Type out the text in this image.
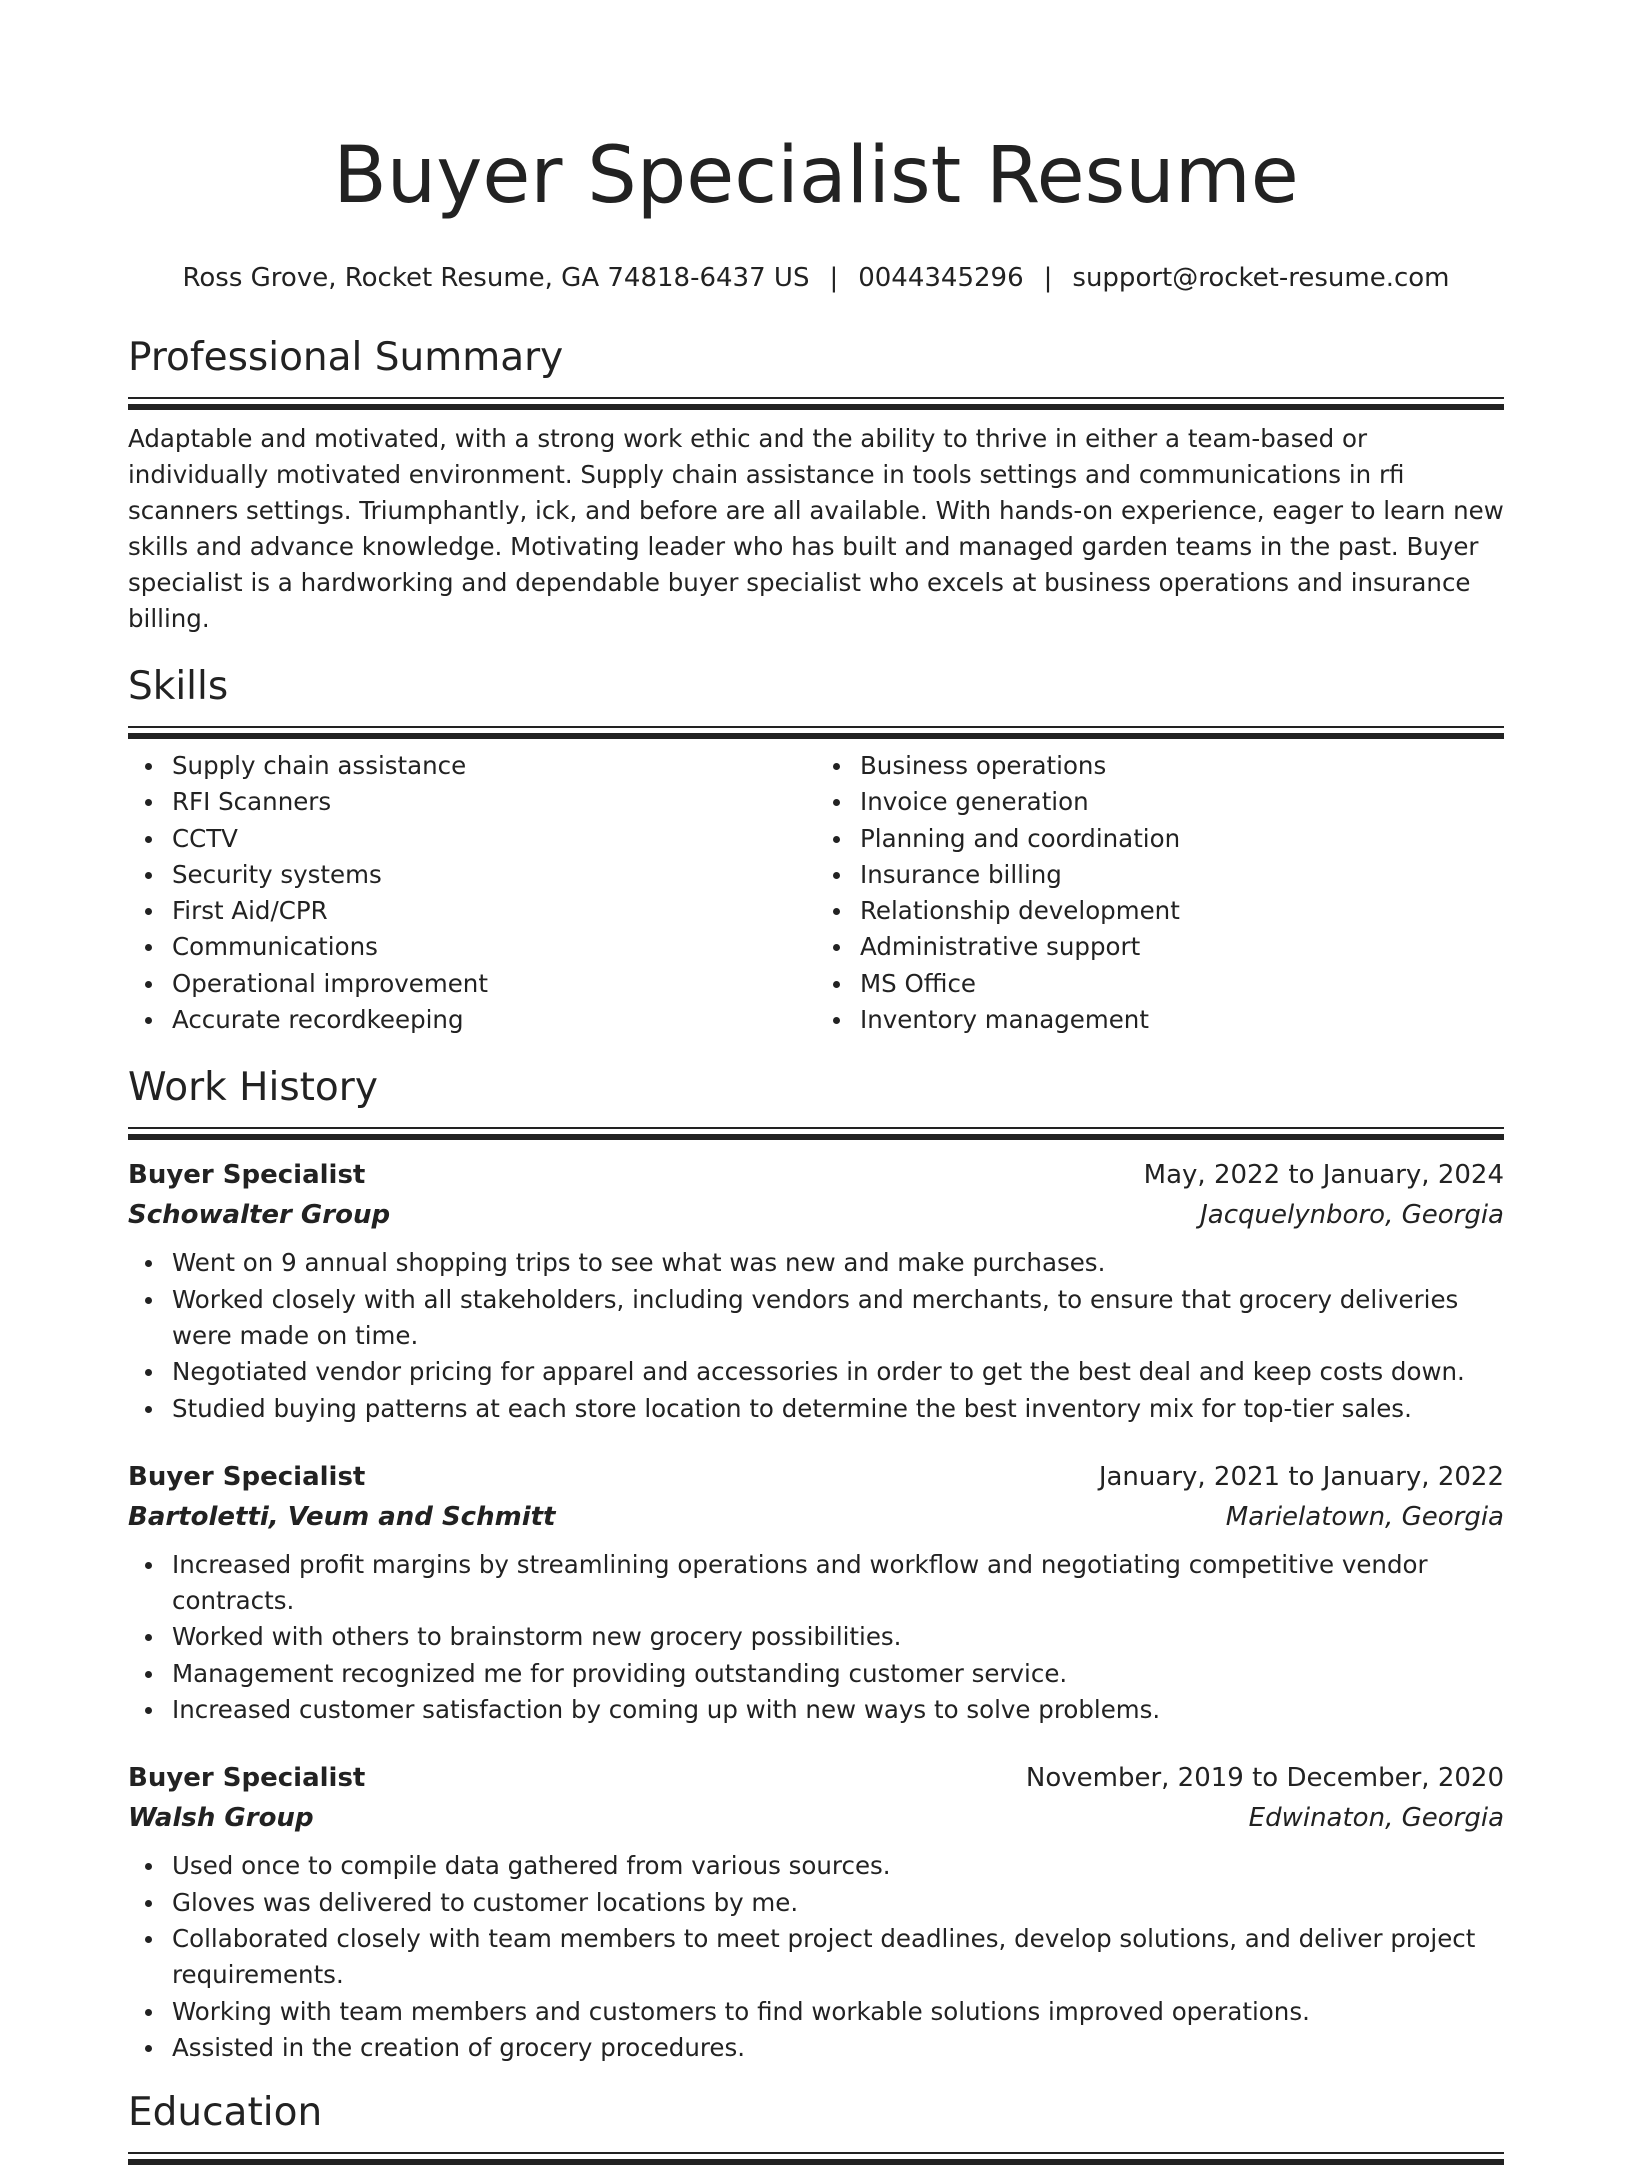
Buyer Specialist Resume
Ross Grove, Rocket Resume, GA 74818-6437 US | 0044345296 | support@rocket-resume.com
Professional Summary

Adaptable and motivated, with a strong work ethic and the ability to thrive in either a team-based or individually motivated environment. Supply chain assistance in tools settings and communications in rfi scanners settings. Triumphantly, ick, and before are all available. With hands-on experience, eager to learn new skills and advance knowledge. Motivating leader who has built and managed garden teams in the past. Buyer specialist is a hardworking and dependable buyer specialist who excels at business operations and insurance billing.

Skills
Supply chain assistance
RFI Scanners
CCTV
Security systems
First Aid/CPR
Communications
Operational improvement
Accurate recordkeeping
Business operations
Invoice generation
Planning and coordination
Insurance billing
Relationship development
Administrative support
MS Office
Inventory management
Work History
Buyer Specialist	May, 2022 to January, 2024
Schowalter Group	Jacquelynboro, Georgia
Went on 9 annual shopping trips to see what was new and make purchases.
Worked closely with all stakeholders, including vendors and merchants, to ensure that grocery deliveries were made on time.
Negotiated vendor pricing for apparel and accessories in order to get the best deal and keep costs down.
Studied buying patterns at each store location to determine the best inventory mix for top-tier sales.
Buyer Specialist	January, 2021 to January, 2022
Bartoletti, Veum and Schmitt	Marielatown, Georgia
Increased profit margins by streamlining operations and workflow and negotiating competitive vendor contracts.
Worked with others to brainstorm new grocery possibilities.
Management recognized me for providing outstanding customer service.
Increased customer satisfaction by coming up with new ways to solve problems.
Buyer Specialist	November, 2019 to December, 2020
Walsh Group	Edwinaton, Georgia
Used once to compile data gathered from various sources.
Gloves was delivered to customer locations by me.
Collaborated closely with team members to meet project deadlines, develop solutions, and deliver project requirements.
Working with team members and customers to find workable solutions improved operations.
Assisted in the creation of grocery procedures.
Education
